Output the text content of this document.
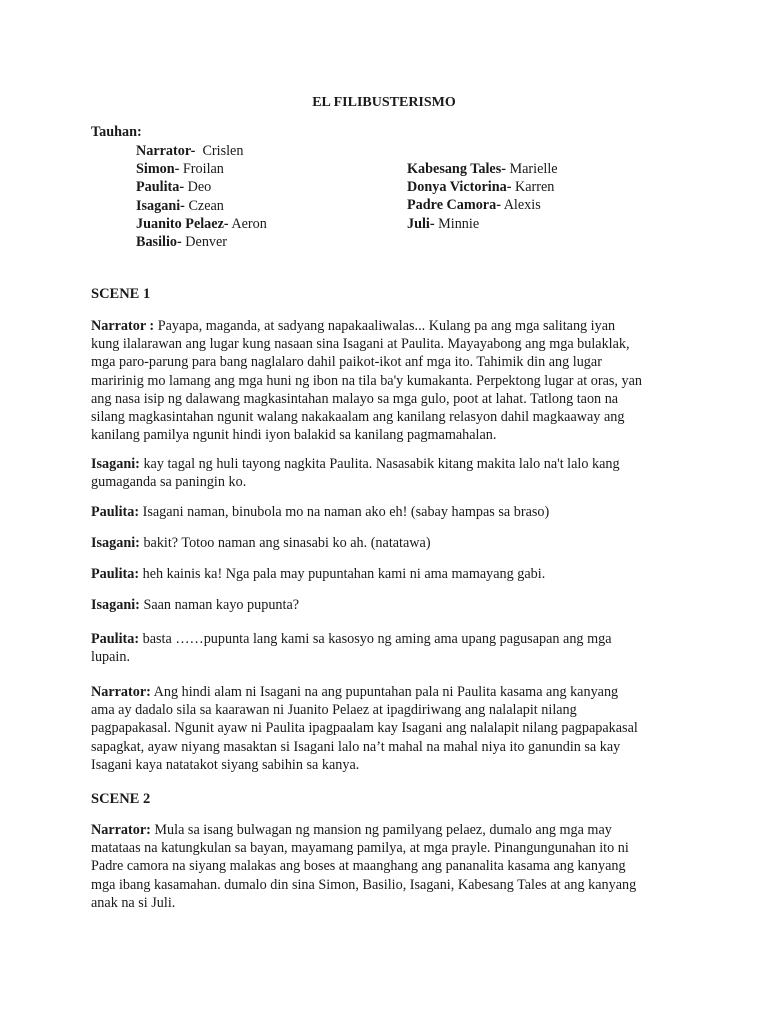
EL FILIBUSTERISMO
Tauhan:
Narrator- Crislen
Simon- Froilan
Paulita- Deo
Isagani- Czean
Juanito Pelaez- Aeron
Basilio- Denver
Kabesang Tales- Marielle
Donya Victorina- Karren
Padre Camora- Alexis
Juli- Minnie
SCENE 1
Narrator : Payapa, maganda, at sadyang napakaaliwalas... Kulang pa ang mga salitang iyan
kung ilalarawan ang lugar kung nasaan sina Isagani at Paulita. Mayayabong ang mga bulaklak,
mga paro-parung para bang naglalaro dahil paikot-ikot anf mga ito. Tahimik din ang lugar
maririnig mo lamang ang mga huni ng ibon na tila ba'y kumakanta. Perpektong lugar at oras, yan
ang nasa isip ng dalawang magkasintahan malayo sa mga gulo, poot at lahat. Tatlong taon na
silang magkasintahan ngunit walang nakakaalam ang kanilang relasyon dahil magkaaway ang
kanilang pamilya ngunit hindi iyon balakid sa kanilang pagmamahalan.
Isagani: kay tagal ng huli tayong nagkita Paulita. Nasasabik kitang makita lalo na't lalo kang
gumaganda sa paningin ko.
Paulita: Isagani naman, binubola mo na naman ako eh! (sabay hampas sa braso)
Isagani: bakit? Totoo naman ang sinasabi ko ah. (natatawa)
Paulita: heh kainis ka! Nga pala may pupuntahan kami ni ama mamayang gabi.
Isagani: Saan naman kayo pupunta?
Paulita: basta ……pupunta lang kami sa kasosyo ng aming ama upang pagusapan ang mga
lupain.
Narrator: Ang hindi alam ni Isagani na ang pupuntahan pala ni Paulita kasama ang kanyang
ama ay dadalo sila sa kaarawan ni Juanito Pelaez at ipagdiriwang ang nalalapit nilang
pagpapakasal. Ngunit ayaw ni Paulita ipagpaalam kay Isagani ang nalalapit nilang pagpapakasal
sapagkat, ayaw niyang masaktan si Isagani lalo na’t mahal na mahal niya ito ganundin sa kay
Isagani kaya natatakot siyang sabihin sa kanya.
SCENE 2
Narrator: Mula sa isang bulwagan ng mansion ng pamilyang pelaez, dumalo ang mga may
matataas na katungkulan sa bayan, mayamang pamilya, at mga prayle. Pinangungunahan ito ni
Padre camora na siyang malakas ang boses at maanghang ang pananalita kasama ang kanyang
mga ibang kasamahan. dumalo din sina Simon, Basilio, Isagani, Kabesang Tales at ang kanyang
anak na si Juli.
